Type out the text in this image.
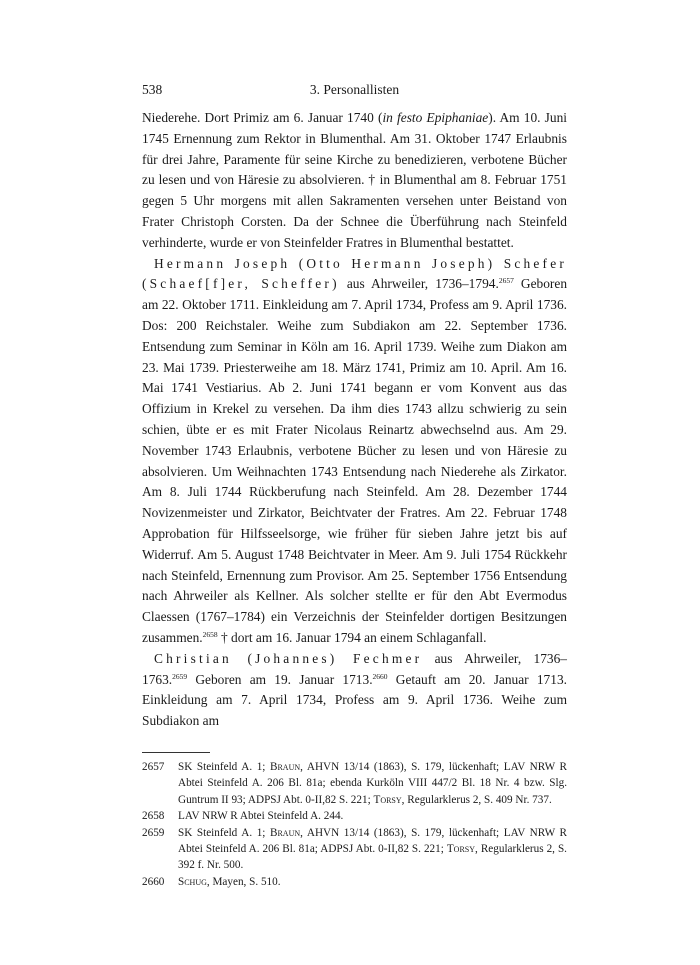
538	3. Personallisten

Niederehe. Dort Primiz am 6. Januar 1740 (in festo Epiphaniae). Am 10. Juni 1745 Ernennung zum Rektor in Blumenthal. Am 31. Oktober 1747 Erlaubnis für drei Jahre, Paramente für seine Kirche zu benedizieren, verbotene Bücher zu lesen und von Häresie zu absolvieren. † in Blumenthal am 8. Februar 1751 gegen 5 Uhr morgens mit allen Sakramenten versehen unter Beistand von Frater Christoph Corsten. Da der Schnee die Überführung nach Steinfeld verhinderte, wurde er von Steinfelder Fratres in Blumenthal bestattet.

Hermann Joseph (Otto Hermann Joseph) Schefer (Schaef[f]er, Scheffer) aus Ahrweiler, 1736–1794.$^{2657}$ Geboren am 22. Oktober 1711. Einkleidung am 7. April 1734, Profess am 9. April 1736. Dos: 200 Reichstaler. Weihe zum Subdiakon am 22. September 1736. Entsendung zum Seminar in Köln am 16. April 1739. Weihe zum Diakon am 23. Mai 1739. Priesterweihe am 18. März 1741, Primiz am 10. April. Am 16. Mai 1741 Vestiarius. Ab 2. Juni 1741 begann er vom Konvent aus das Offizium in Krekel zu versehen. Da ihm dies 1743 allzu schwierig zu sein schien, übte er es mit Frater Nicolaus Reinartz abwechselnd aus. Am 29. November 1743 Erlaubnis, verbotene Bücher zu lesen und von Häresie zu absolvieren. Um Weihnachten 1743 Entsendung nach Niederehe als Zirkator. Am 8. Juli 1744 Rückberufung nach Steinfeld. Am 28. Dezember 1744 Novizenmeister und Zirkator, Beichtvater der Fratres. Am 22. Februar 1748 Approbation für Hilfsseelsorge, wie früher für sieben Jahre jetzt bis auf Widerruf. Am 5. August 1748 Beichtvater in Meer. Am 9. Juli 1754 Rückkehr nach Steinfeld, Ernennung zum Provisor. Am 25. September 1756 Entsendung nach Ahrweiler als Kellner. Als solcher stellte er für den Abt Evermodus Claessen (1767–1784) ein Verzeichnis der Steinfelder dortigen Besitzungen zusammen.$^{2658}$ † dort am 16. Januar 1794 an einem Schlaganfall.

Christian (Johannes) Fechmer aus Ahrweiler, 1736–1763.$^{2659}$ Geboren am 19. Januar 1713.$^{2660}$ Getauft am 20. Januar 1713. Einkleidung am 7. April 1734, Profess am 9. April 1736. Weihe zum Subdiakon am

2657	SK Steinfeld A. 1; Braun, AHVN 13/14 (1863), S. 179, lückenhaft; LAV NRW R Abtei Steinfeld A. 206 Bl. 81a; ebenda Kurköln VIII 447/2 Bl. 18 Nr. 4 bzw. Slg. Guntrum II 93; ADPSJ Abt. 0-II,82 S. 221; Torsy, Regularklerus 2, S. 409 Nr. 737.
2658	LAV NRW R Abtei Steinfeld A. 244.
2659	SK Steinfeld A. 1; Braun, AHVN 13/14 (1863), S. 179, lückenhaft; LAV NRW R Abtei Steinfeld A. 206 Bl. 81a; ADPSJ Abt. 0-II,82 S. 221; Torsy, Regularklerus 2, S. 392 f. Nr. 500.
2660	Schug, Mayen, S. 510.
